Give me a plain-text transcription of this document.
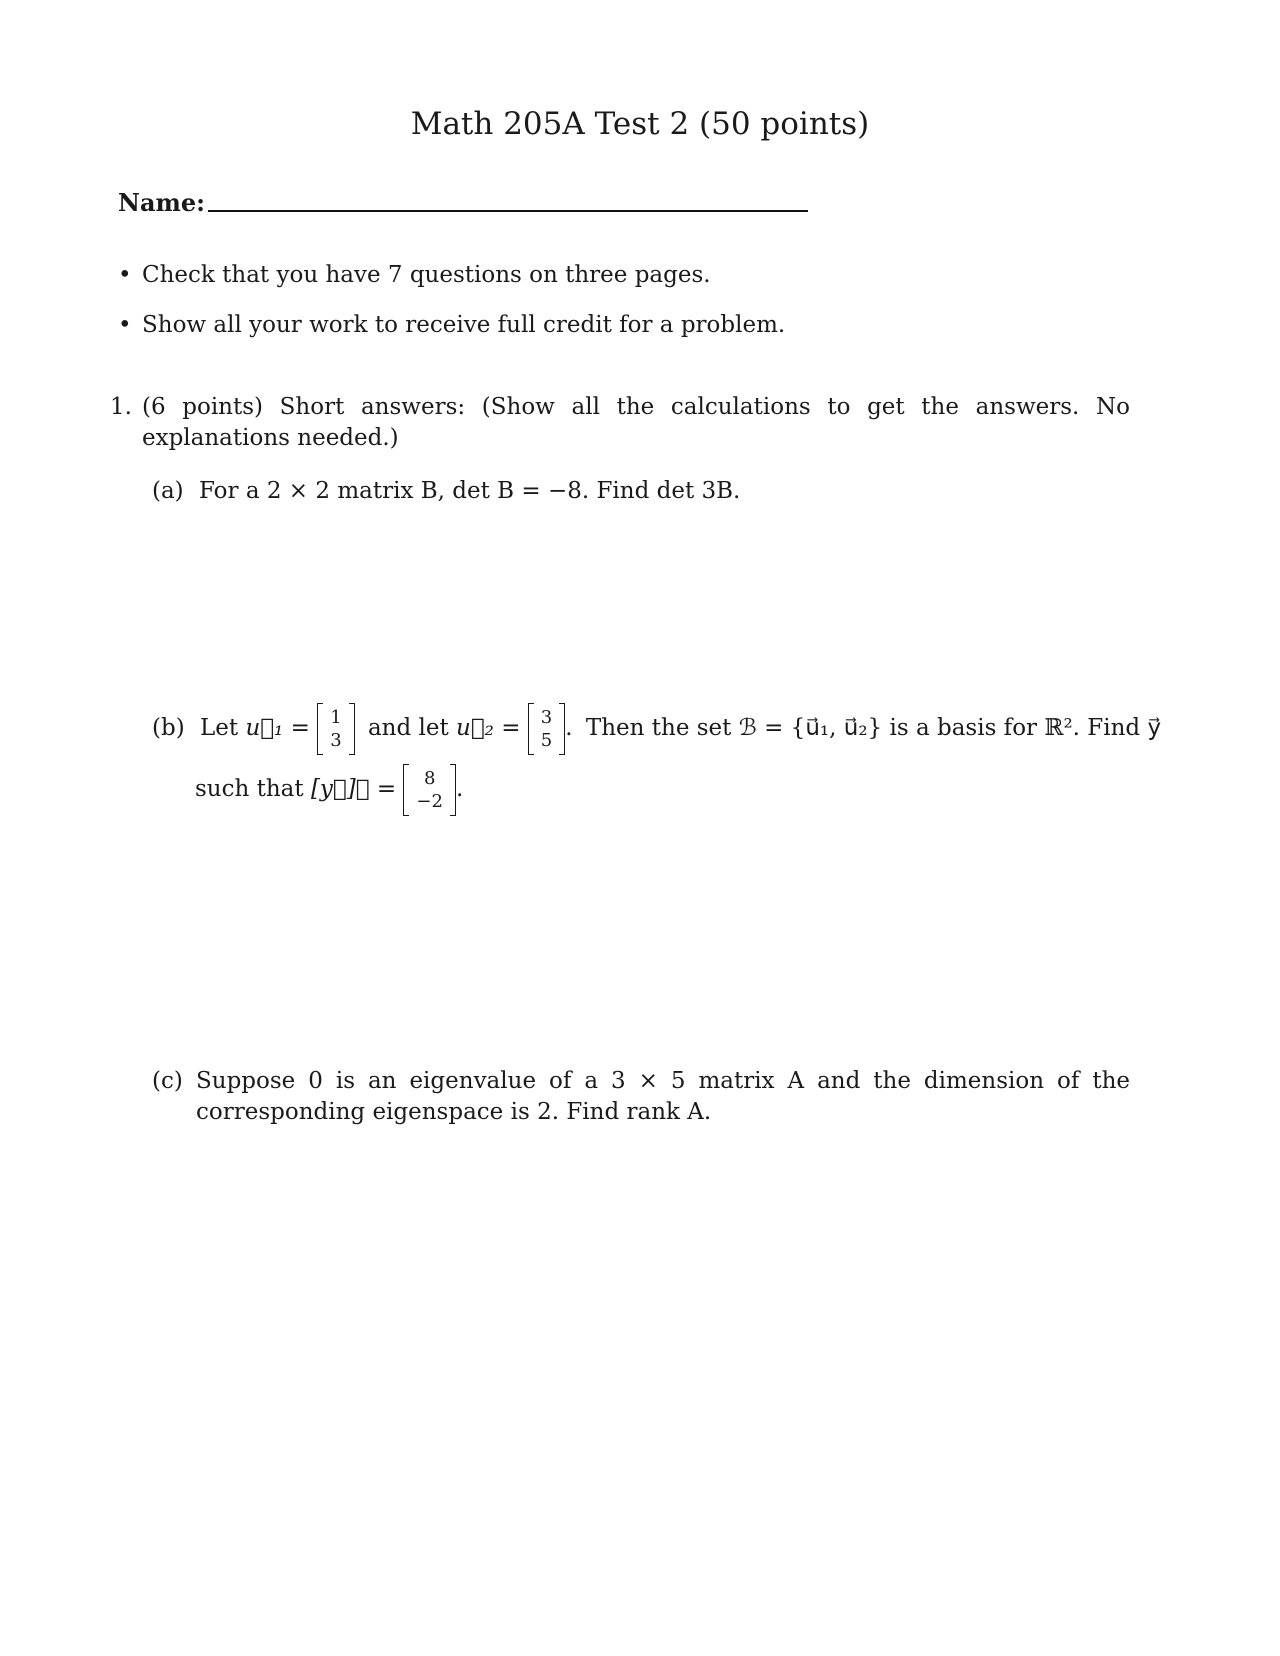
Math 205A Test 2 (50 points)
Name:
• Check that you have 7 questions on three pages.
• Show all your work to receive full credit for a problem.
1. (6 points) Short answers: (Show all the calculations to get the answers. No explanations needed.)
(a) For a 2 × 2 matrix B, det B = −8. Find det 3B.
(b) Let u⃗₁ = 1
3 and let u⃗₂ = 3
5 . Then the set ℬ = {u⃗₁, u⃗₂} is a basis for ℝ². Find y⃗
such that [y⃗]ℬ = 8
−2 .
(c) Suppose 0 is an eigenvalue of a 3 × 5 matrix A and the dimension of the corresponding eigenspace is 2. Find rank A.
